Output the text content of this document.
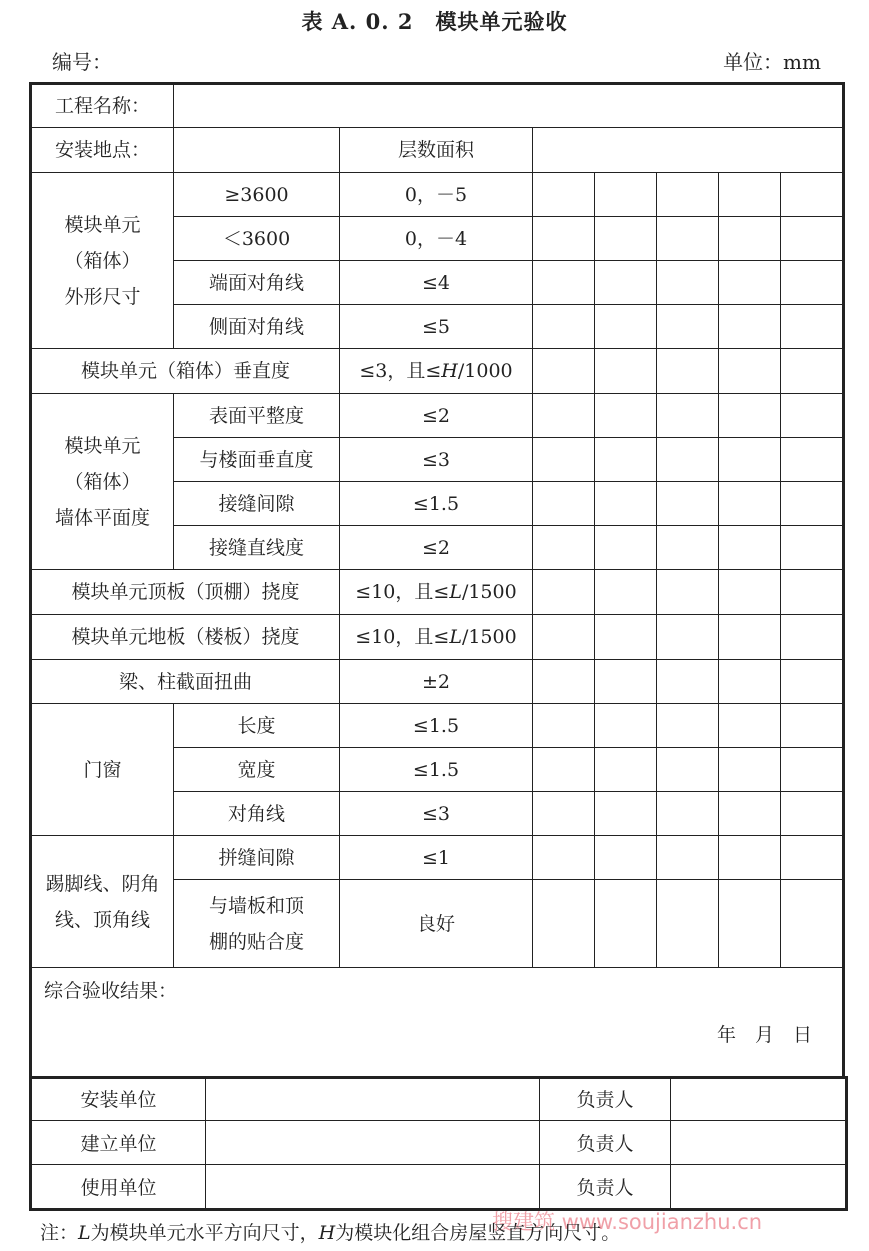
表 A. 0. 2　模块单元验收
编号：	单位：mm
工程名称：							
安装地点：		层数面积					
模块单元
（箱体）
外形尺寸	≥3600	0，－5					
	＜3600	0，－4					
	端面对角线	≤4					
	侧面对角线	≤5					
模块单元（箱体）垂直度		≤3，且≤H/1000					
模块单元
（箱体）
墙体平面度	表面平整度	≤2					
	与楼面垂直度	≤3					
	接缝间隙	≤1.5					
	接缝直线度	≤2					
模块单元顶板（顶棚）挠度		≤10，且≤L/1500					
模块单元地板（楼板）挠度		≤10，且≤L/1500					
梁、柱截面扭曲		±2					
门窗	长度	≤1.5					
	宽度	≤1.5					
	对角线	≤3					
踢脚线、阴角
线、顶角线	拼缝间隙	≤1					
	与墙板和顶
棚的贴合度	良好					

综合验收结果：
年　月　日							
安装单位		负责人	
建立单位		负责人	
使用单位		负责人	
搜建筑 www.soujianzhu.cn
注：L为模块单元水平方向尺寸，H为模块化组合房屋竖直方向尺寸。
